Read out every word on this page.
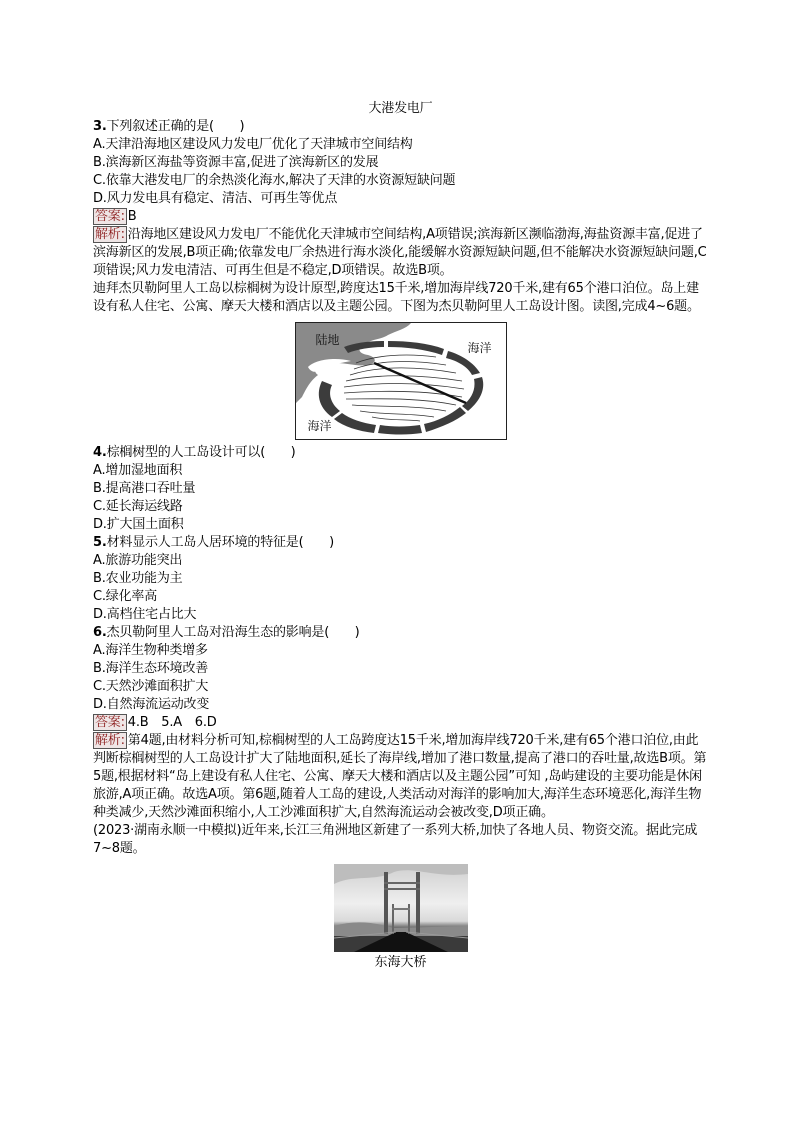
大港发电厂
3.下列叙述正确的是(　　)
A.天津沿海地区建设风力发电厂优化了天津城市空间结构
B.滨海新区海盐等资源丰富,促进了滨海新区的发展
C.依靠大港发电厂的余热淡化海水,解决了天津的水资源短缺问题
D.风力发电具有稳定、清洁、可再生等优点
答案: B
解析: 沿海地区建设风力发电厂不能优化天津城市空间结构,A项错误;滨海新区濒临渤海,海盐资源丰富,促进了滨海新区的发展,B项正确;依靠发电厂余热进行海水淡化,能缓解水资源短缺问题,但不能解决水资源短缺问题,C项错误;风力发电清洁、可再生但是不稳定,D项错误。故选B项。
迪拜杰贝勒阿里人工岛以棕榈树为设计原型,跨度达15千米,增加海岸线720千米,建有65个港口泊位。岛上建设有私人住宅、公寓、摩天大楼和酒店以及主题公园。下图为杰贝勒阿里人工岛设计图。读图,完成4~6题。
陆地
海洋
海洋
4.棕榈树型的人工岛设计可以(　　)
A.增加湿地面积
B.提高港口吞吐量
C.延长海运线路
D.扩大国土面积
5.材料显示人工岛人居环境的特征是(　　)
A.旅游功能突出
B.农业功能为主
C.绿化率高
D.高档住宅占比大
6.杰贝勒阿里人工岛对沿海生态的影响是(　　)
A.海洋生物种类增多
B.海洋生态环境改善
C.天然沙滩面积扩大
D.自然海流运动改变
答案: 4.B　5.A　6.D
解析: 第4题,由材料分析可知,棕榈树型的人工岛跨度达15千米,增加海岸线720千米,建有65个港口泊位,由此判断棕榈树型的人工岛设计扩大了陆地面积,延长了海岸线,增加了港口数量,提高了港口的吞吐量,故选B项。第5题,根据材料“岛上建设有私人住宅、公寓、摩天大楼和酒店以及主题公园”可知 ,岛屿建设的主要功能是休闲旅游,A项正确。故选A项。第6题,随着人工岛的建设,人类活动对海洋的影响加大,海洋生态环境恶化,海洋生物种类减少,天然沙滩面积缩小,人工沙滩面积扩大,自然海流运动会被改变,D项正确。
(2023·湖南永顺一中模拟)近年来,长江三角洲地区新建了一系列大桥,加快了各地人员、物资交流。据此完成7~8题。
东海大桥
